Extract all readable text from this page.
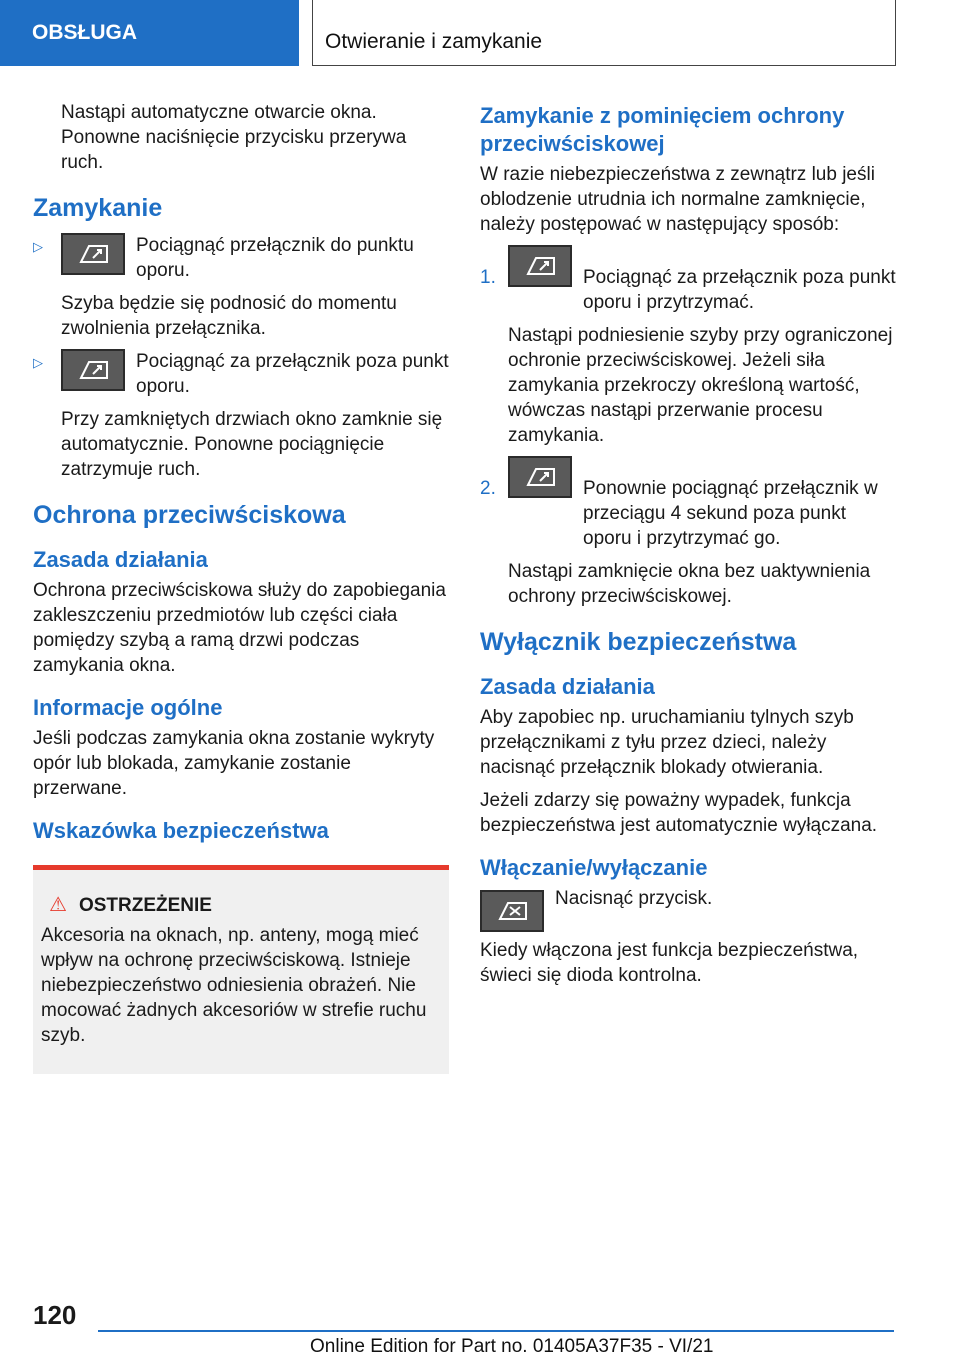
OBSŁUGA	Otwieranie i zamykanie

Nastąpi automatyczne otwarcie okna. Ponowne naciśnięcie przycisku przerywa ruch.

Zamykanie
▷	Pociągnąć przełącznik do punktu oporu.

Szyba będzie się podnosić do momentu zwolnienia przełącznika.

▷	Pociągnąć za przełącznik poza punkt oporu.

Przy zamkniętych drzwiach okno zamknie się automatycznie. Ponowne pociągnięcie zatrzymuje ruch.

Ochrona przeciwściskowa
Zasada działania

Ochrona przeciwściskowa służy do zapobiegania zakleszczeniu przedmiotów lub części ciała pomiędzy szybą a ramą drzwi podczas zamykania okna.

Informacje ogólne

Jeśli podczas zamykania okna zostanie wykryty opór lub blokada, zamykanie zostanie przerwane.

Wskazówka bezpieczeństwa
⚠ OSTRZEŻENIE

Akcesoria na oknach, np. anteny, mogą mieć wpływ na ochronę przeciwściskową. Istnieje niebezpieczeństwo odniesienia obrażeń. Nie mocować żadnych akcesoriów w strefie ruchu szyb.

Zamykanie z pominięciem ochrony przeciwściskowej

W razie niebezpieczeństwa z zewnątrz lub jeśli oblodzenie utrudnia ich normalne zamknięcie, należy postępować w następujący sposób:

1.	Pociągnąć za przełącznik poza punkt oporu i przytrzymać.

Nastąpi podniesienie szyby przy ograniczonej ochronie przeciwściskowej. Jeżeli siła zamykania przekroczy określoną wartość, wówczas nastąpi przerwanie procesu zamykania.

2.	Ponownie pociągnąć przełącznik w przeciągu 4 sekund poza punkt oporu i przytrzymać go.

Nastąpi zamknięcie okna bez uaktywnienia ochrony przeciwściskowej.

Wyłącznik bezpieczeństwa
Zasada działania

Aby zapobiec np. uruchamianiu tylnych szyb przełącznikami z tyłu przez dzieci, należy nacisnąć przełącznik blokady otwierania.

Jeżeli zdarzy się poważny wypadek, funkcja bezpieczeństwa jest automatycznie wyłączana.

Włączanie/wyłączanie

Nacisnąć przycisk.

Kiedy włączona jest funkcja bezpieczeństwa, świeci się dioda kontrolna.

120
Online Edition for Part no. 01405A37F35 - VI/21
